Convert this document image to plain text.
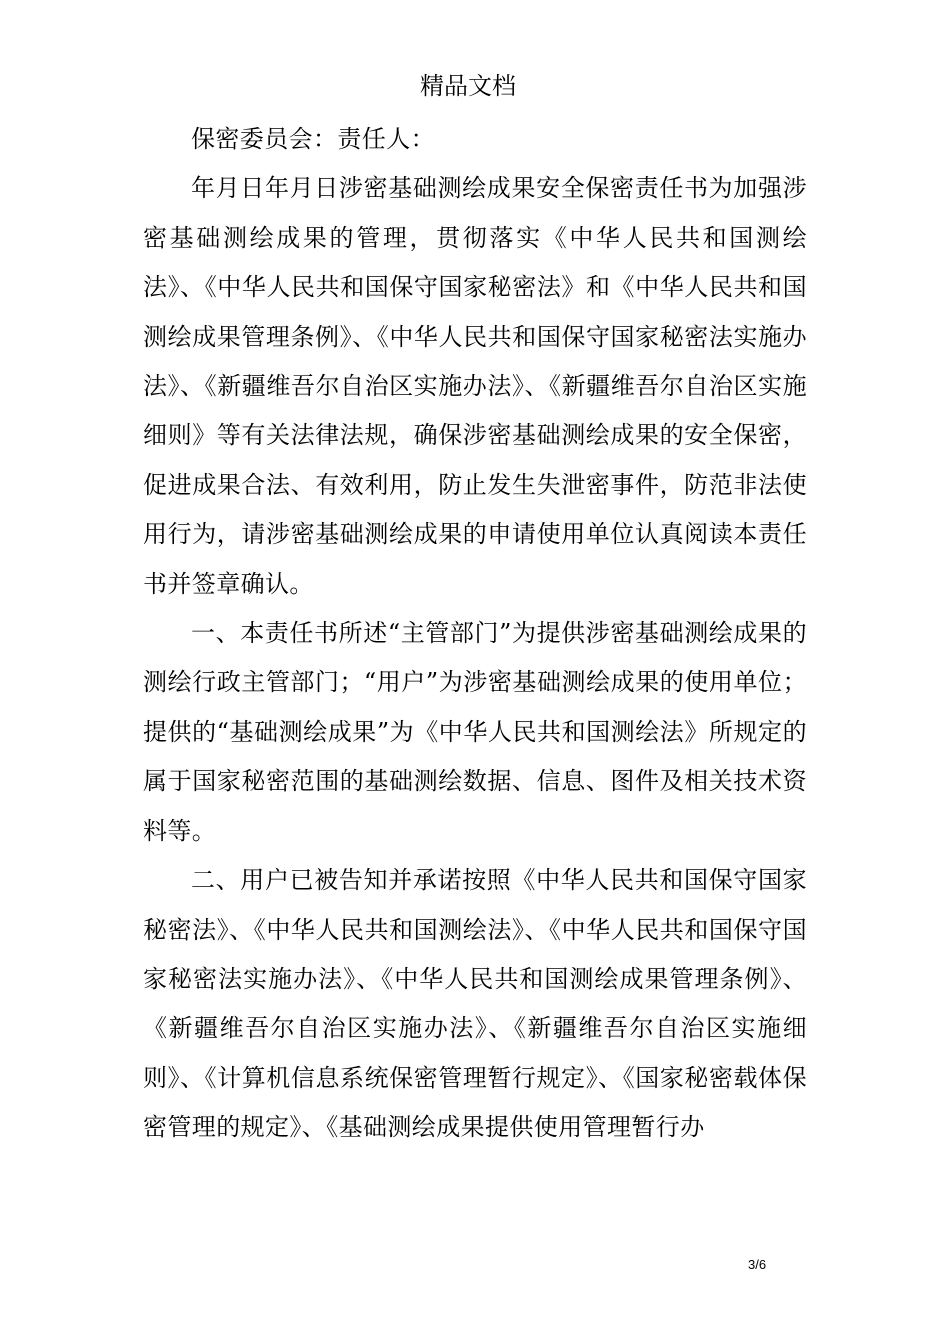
精品文档

保密委员会：责任人：

年月日年月日涉密基础测绘成果安全保密责任书为加强涉密基础测绘成果的管理，贯彻落实《中华人民共和国测绘法》、《中华人民共和国保守国家秘密法》和《中华人民共和国测绘成果管理条例》、《中华人民共和国保守国家秘密法实施办法》、《新疆维吾尔自治区实施办法》、《新疆维吾尔自治区实施细则》等有关法律法规，确保涉密基础测绘成果的安全保密，促进成果合法、有效利用，防止发生失泄密事件，防范非法使用行为，请涉密基础测绘成果的申请使用单位认真阅读本责任书并签章确认。

一、本责任书所述“主管部门”为提供涉密基础测绘成果的测绘行政主管部门；“用户”为涉密基础测绘成果的使用单位；提供的“基础测绘成果”为《中华人民共和国测绘法》所规定的属于国家秘密范围的基础测绘数据、信息、图件及相关技术资料等。

二、用户已被告知并承诺按照《中华人民共和国保守国家秘密法》、《中华人民共和国测绘法》、《中华人民共和国保守国家秘密法实施办法》、《中华人民共和国测绘成果管理条例》、《新疆维吾尔自治区实施办法》、《新疆维吾尔自治区实施细则》、《计算机信息系统保密管理暂行规定》、《国家秘密载体保密管理的规定》、《基础测绘成果提供使用管理暂行办

3/6
